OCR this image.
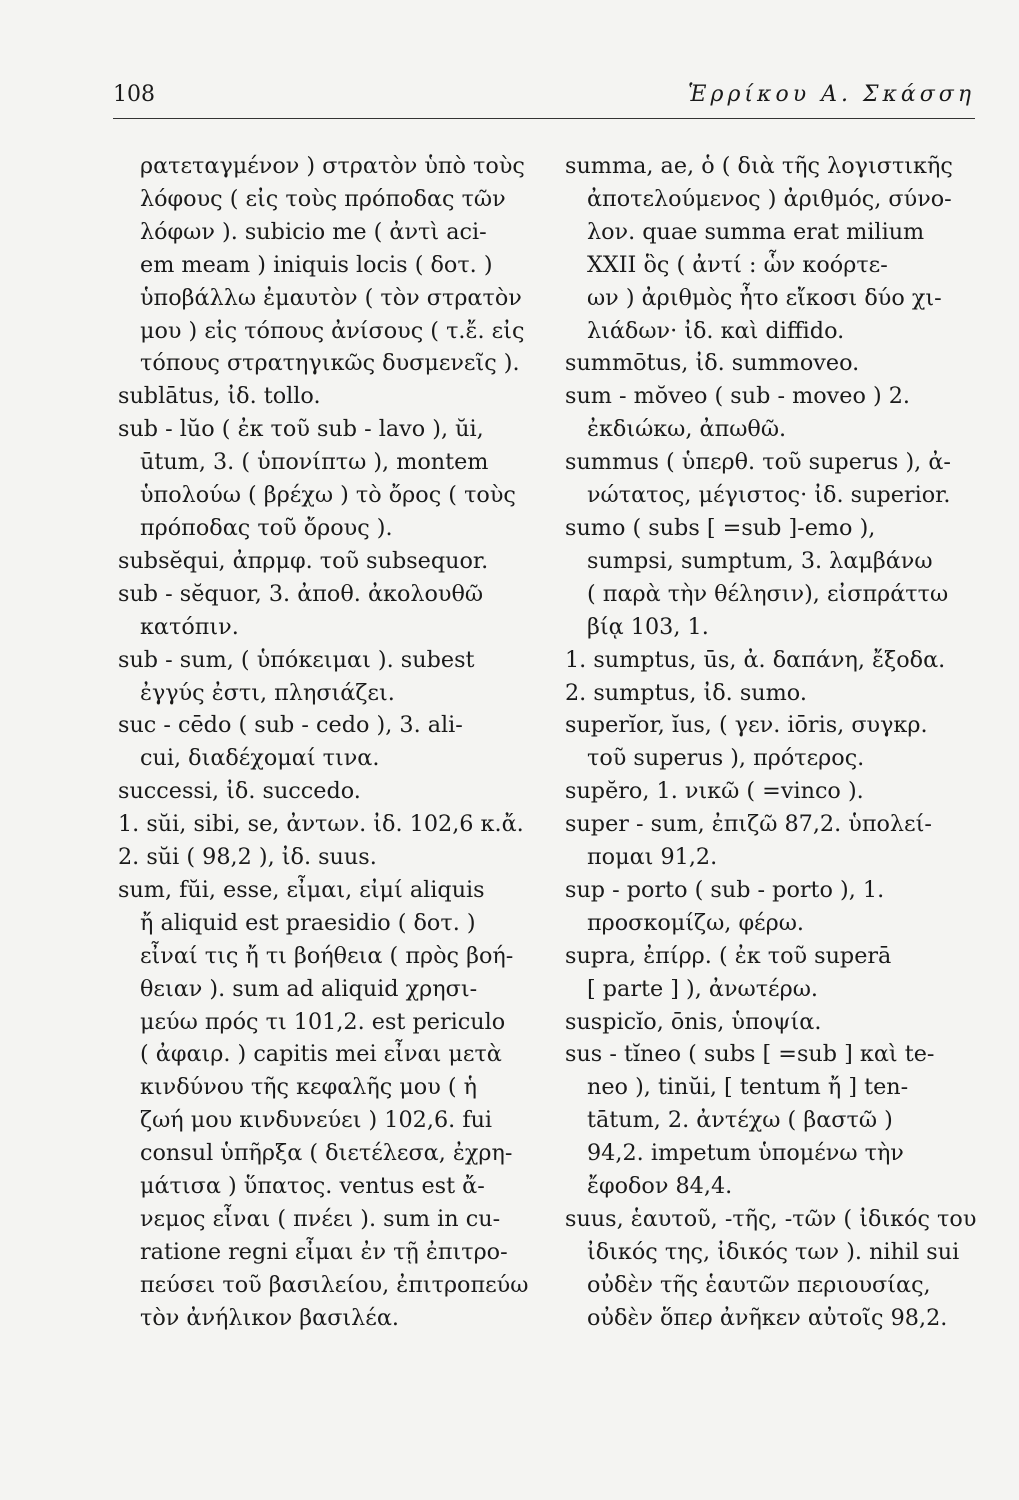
108	Ἑρρίκου Α. Σκάσση
ρατεταγμένον ) στρατὸν ὑπὸ τοὺς
λόφους ( εἰς τοὺς πρόποδας τῶν
λόφων ). subicio me ( ἀντὶ aci-
em meam ) iniquis locis ( δοτ. )
ὑποβάλλω ἐμαυτὸν ( τὸν στρατὸν
μου ) εἰς τόπους ἀνίσους ( τ.ἔ. εἰς
τόπους στρατηγικῶς δυσμενεῖς ).
sublātus, ἰδ. tollo.
sub - lŭo ( ἐκ τοῦ sub - lavo ), ŭi,
ūtum, 3. ( ὑπονίπτω ), montem
ὑπολούω ( βρέχω ) τὸ ὄρος ( τοὺς
πρόποδας τοῦ ὄρους ).
subsĕqui, ἀπρμφ. τοῦ subsequor.
sub - sĕquor, 3. ἀποθ. ἀκολουθῶ
κατόπιν.
sub - sum, ( ὑπόκειμαι ). subest
ἐγγύς ἐστι, πλησιάζει.
suc - cēdo ( sub - cedo ), 3. ali-
cui, διαδέχομαί τινα.
successi, ἰδ. succedo.
1. sŭi, sibi, se, ἀντων. ἰδ. 102,6 κ.ἄ.
2. sŭi ( 98,2 ), ἰδ. suus.
sum, fŭi, esse, εἶμαι, εἰμί aliquis
ἤ aliquid est praesidio ( δοτ. )
εἶναί τις ἤ τι βοήθεια ( πρὸς βοή-
θειαν ). sum ad aliquid χρησι-
μεύω πρός τι 101,2. est periculo
( ἀφαιρ. ) capitis mei εἶναι μετὰ
κινδύνου τῆς κεφαλῆς μου ( ἡ
ζωή μου κινδυνεύει ) 102,6. fui
consul ὑπῆρξα ( διετέλεσα, ἐχρη-
μάτισα ) ὕπατος. ventus est ἄ-
νεμος εἶναι ( πνέει ). sum in cu-
ratione regni εἶμαι ἐν τῇ ἐπιτρο-
πεύσει τοῦ βασιλείου, ἐπιτροπεύω
τὸν ἀνήλικον βασιλέα.
summa, ae, ὁ ( διὰ τῆς λογιστικῆς
ἀποτελούμενος ) ἀριθμός, σύνο-
λον. quae summa erat milium
XXII ὃς ( ἀντί : ὧν κοόρτε-
ων ) ἀριθμὸς ἦτο εἴκοσι δύο χι-
λιάδων· ἰδ. καὶ diffido.
summōtus, ἰδ. summoveo.
sum - mŏveo ( sub - moveo ) 2.
ἐκδιώκω, ἀπωθῶ.
summus ( ὑπερθ. τοῦ superus ), ἀ-
νώτατος, μέγιστος· ἰδ. superior.
sumo ( subs [ =sub ]-emo ),
sumpsi, sumptum, 3. λαμβάνω
( παρὰ τὴν θέλησιν), εἰσπράττω
βίᾳ 103, 1.
1. sumptus, ūs, ἀ. δαπάνη, ἔξοδα.
2. sumptus, ἰδ. sumo.
superĭor, ĭus, ( γεν. iōris, συγκρ.
τοῦ superus ), πρότερος.
supĕro, 1. νικῶ ( =vinco ).
super - sum, ἐπιζῶ 87,2. ὑπολεί-
πομαι 91,2.
sup - porto ( sub - porto ), 1.
προσκομίζω, φέρω.
supra, ἐπίρρ. ( ἐκ τοῦ superā
[ parte ] ), ἀνωτέρω.
suspicĭo, ōnis, ὑποψία.
sus - tĭneo ( subs [ =sub ] καὶ te-
neo ), tinŭi, [ tentum ἤ ] ten-
tātum, 2. ἀντέχω ( βαστῶ )
94,2. impetum ὑπομένω τὴν
ἔφοδον 84,4.
suus, ἑαυτοῦ, -τῆς, -τῶν ( ἰδικός του
ἰδικός της, ἰδικός των ). nihil sui
οὐδὲν τῆς ἑαυτῶν περιουσίας,
οὐδὲν ὅπερ ἀνῆκεν αὐτοῖς 98,2.
